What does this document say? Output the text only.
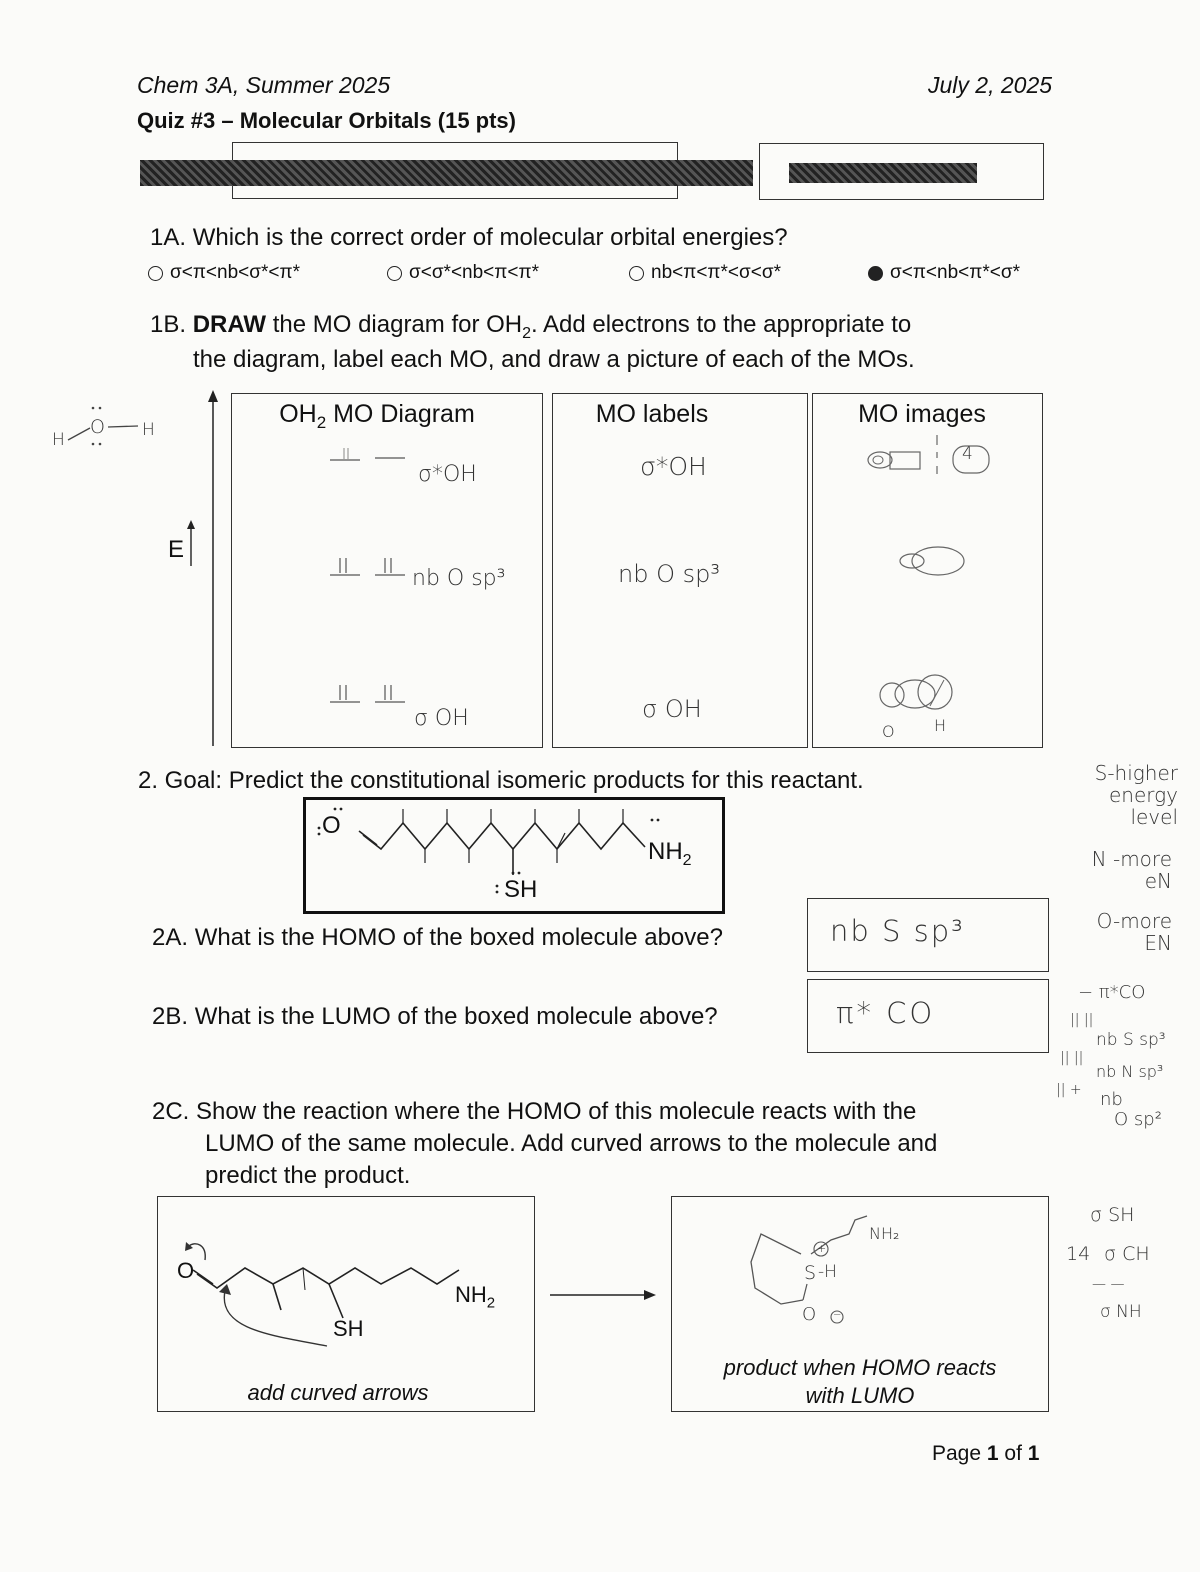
Chem 3A, Summer 2025	July 2, 2025
Quiz #3 – Molecular Orbitals (15 pts)
1A. Which is the correct order of molecular orbital energies?
σ<π<nb<σ*<π*	σ<σ*<nb<π<π*	nb<π<π*<σ<σ*	σ<π<nb<π*<σ*
1B. DRAW the MO diagram for $OH_2$. Add electrons to the appropriate to
the diagram, label each MO, and draw a picture of each of the MOs.
H
O H
E
$OH_2$ MO Diagram	MO labels	MO images
σ*OH
nb O sp³
σ OH
σ*OH
nb O sp³
σ OH
4
O H
2. Goal: Predict the constitutional isomeric products for this reactant.
O
$NH_2$
SH
2A. What is the HOMO of the boxed molecule above?	nb S sp³
2B. What is the LUMO of the boxed molecule above?	π* CO
2C. Show the reaction where the HOMO of this molecule reacts with the
LUMO of the same molecule. Add curved arrows to the molecule and
predict the product.
O
$NH_2$
SH
add curved arrows
S -H
+
O −
NH₂
product when HOMO reacts
with LUMO
S-higher
energy
level
N -more
eN
O-more
EN
− π*CO
|| ||
nb S sp³
|| ||
nb N sp³
|| + nb
O sp²
σ SH
14 σ CH
— —
σ NH
Page 1 of 1
